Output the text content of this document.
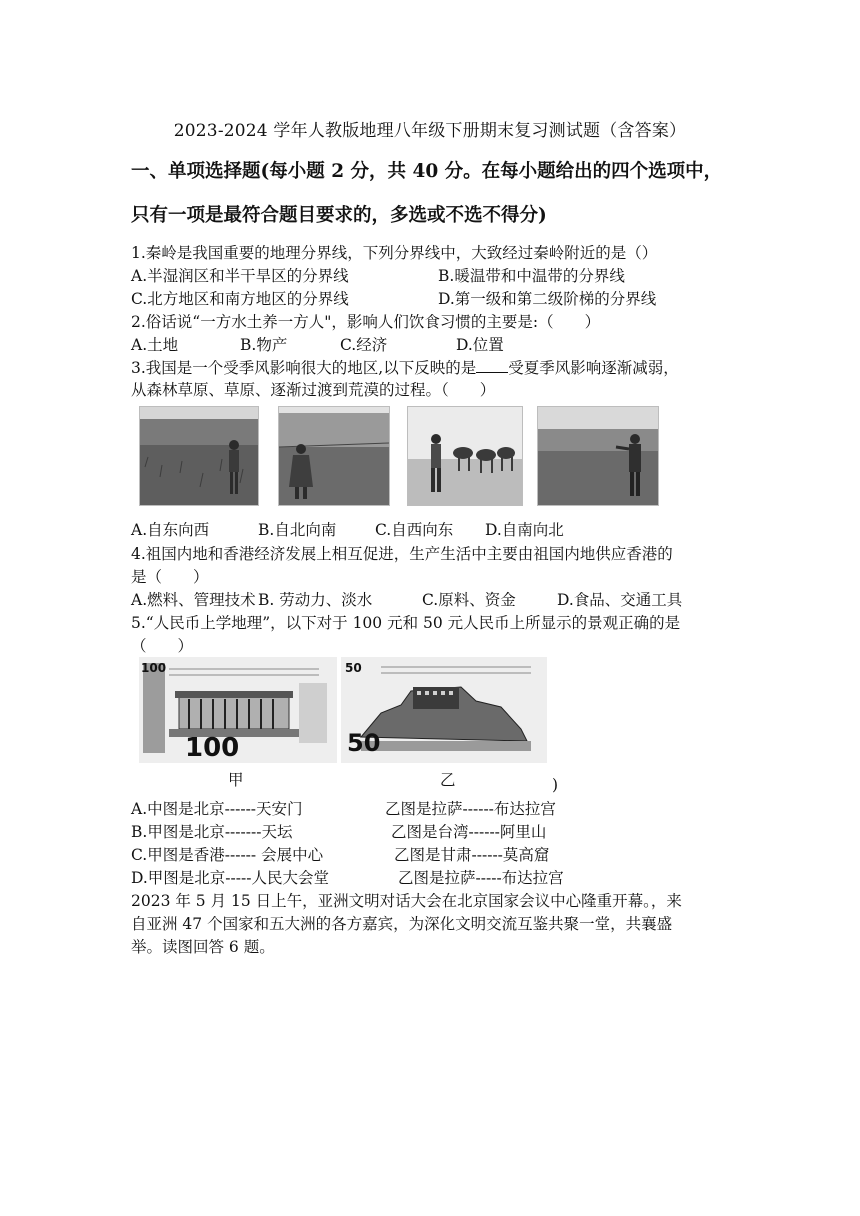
2023-2024 学年人教版地理八年级下册期末复习测试题（含答案）
一、单项选择题(每小题 2 分，共 40 分。在每小题给出的四个选项中，
只有一项是最符合题目要求的，多选或不选不得分)
1.秦岭是我国重要的地理分界线，下列分界线中，大致经过秦岭附近的是（）
A.半湿润区和半干旱区的分界线	B.暖温带和中温带的分界线
C.北方地区和南方地区的分界线	D.第一级和第二级阶梯的分界线
2.俗话说“一方水土养一方人"，影响人们饮食习惯的主要是:（　　）
A.土地	B.物产	C.经济	D.位置
3.我国是一个受季风影响很大的地区,以下反映的是 受夏季风影响逐渐减弱，
从森林草原、草原、逐渐过渡到荒漠的过程。（　　）
A.自东向西	B.自北向南 C.自西向东 D.自南向北
4.祖国内地和香港经济发展上相互促进，生产生活中主要由祖国内地供应香港的
是（　　）
A.燃料、管理技术 B. 劳动力、淡水	C.原料、资金	D.食品、交通工具
5.“人民币上学地理”，以下对于 100 元和 50 元人民币上所显示的景观正确的是
（　　）
100
100
50
50
甲	乙	)
A.中图是北京------天安门	乙图是拉萨------布达拉宫
B.甲图是北京-------天坛	乙图是台湾------阿里山
C.甲图是香港------ 会展中心	乙图是甘肃------莫高窟
D.甲图是北京-----人民大会堂	乙图是拉萨-----布达拉宫
2023 年 5 月 15 日上午，亚洲文明对话大会在北京国家会议中心隆重开幕。，来
自亚洲 47 个国家和五大洲的各方嘉宾，为深化文明交流互鉴共聚一堂，共襄盛
举。读图回答 6 题。
